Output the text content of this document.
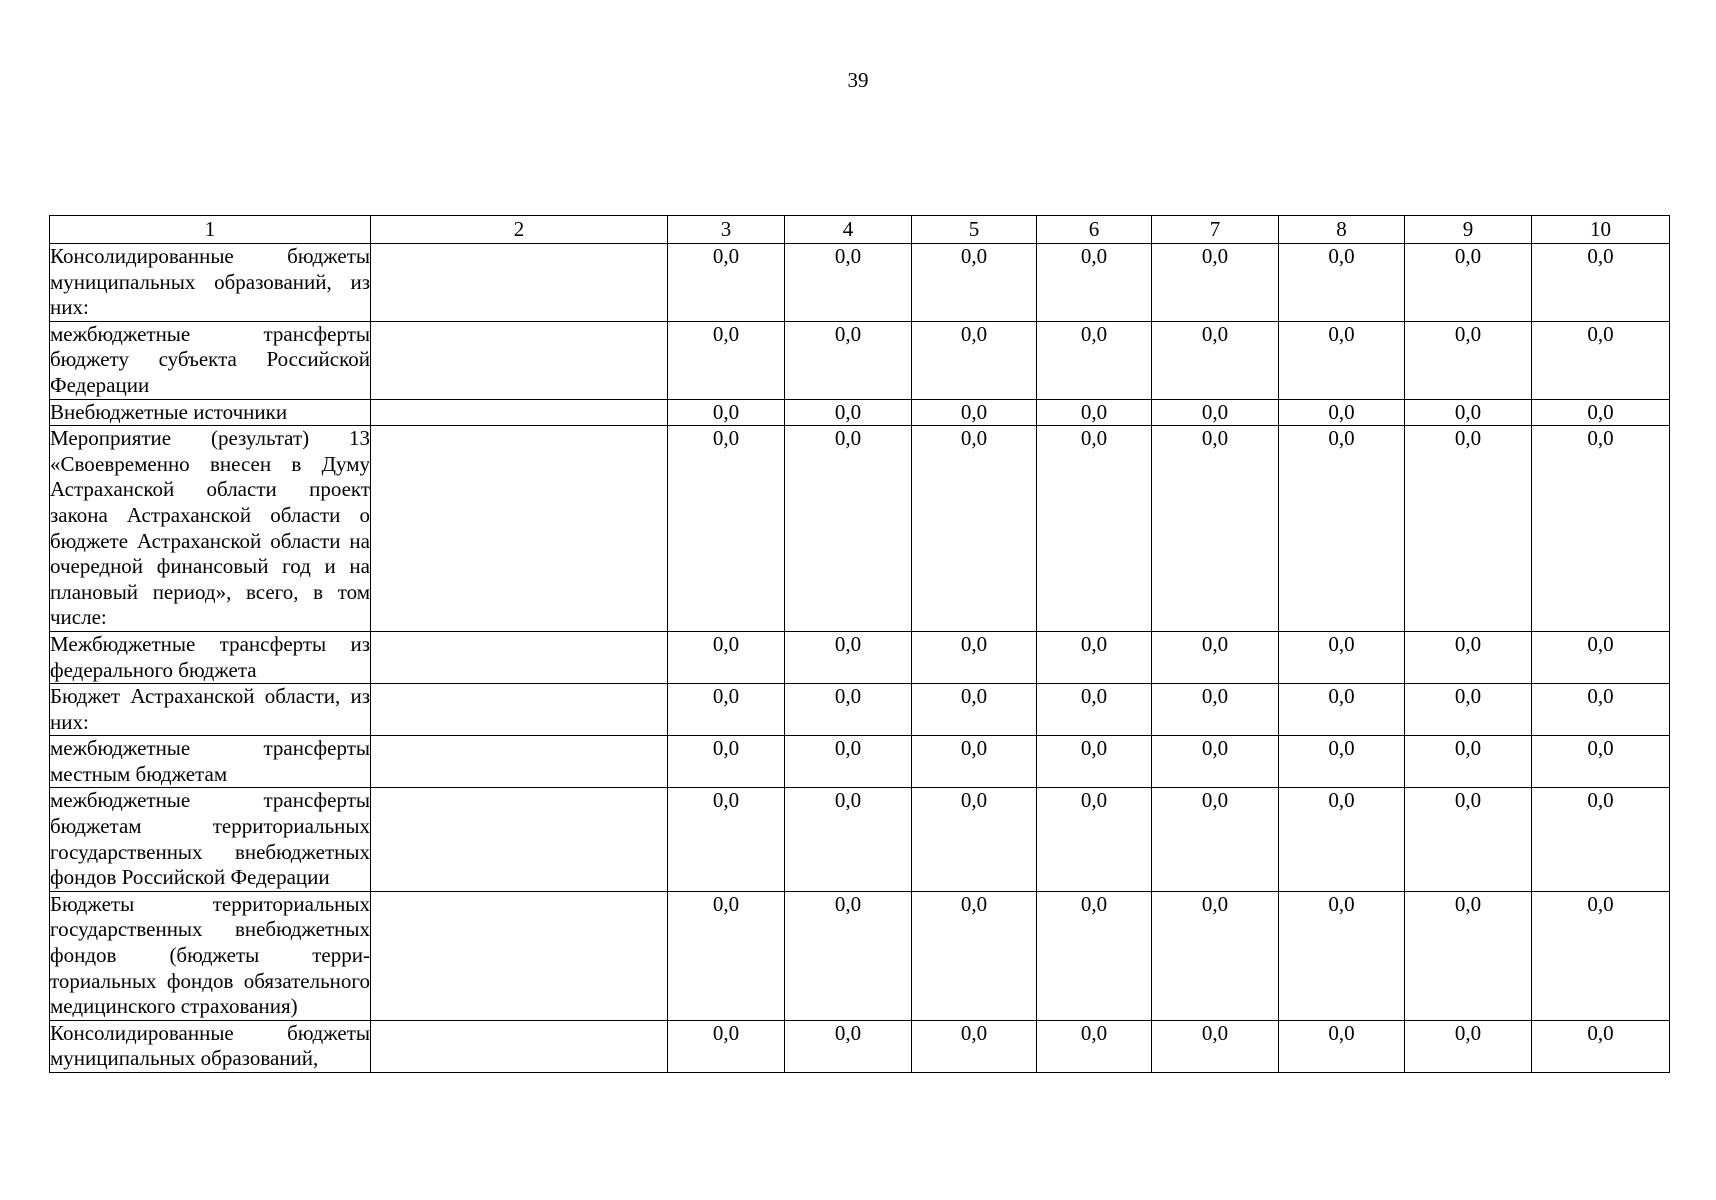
39
1	2	3	4	5	6	7	8	9	10
Консолидированные бюджеты муниципальных образований, из них:		0,0	0,0	0,0	0,0	0,0	0,0	0,0	0,0
межбюджетные трансферты бюджету субъекта Российской Федерации		0,0	0,0	0,0	0,0	0,0	0,0	0,0	0,0
Внебюджетные источники		0,0	0,0	0,0	0,0	0,0	0,0	0,0	0,0
Мероприятие (результат) 13 «Своевременно внесен в Думу Астраханской области проект закона Астраханской области о бюджете Астраханской области на очередной финансовый год и на плановый период», всего, в том числе:		0,0	0,0	0,0	0,0	0,0	0,0	0,0	0,0
Межбюджетные трансферты из федерального бюджета		0,0	0,0	0,0	0,0	0,0	0,0	0,0	0,0
Бюджет Астраханской области, из них:		0,0	0,0	0,0	0,0	0,0	0,0	0,0	0,0
межбюджетные трансферты местным бюджетам		0,0	0,0	0,0	0,0	0,0	0,0	0,0	0,0
межбюджетные трансферты бюджетам территориальных государственных внебюджетных фондов Российской Федерации		0,0	0,0	0,0	0,0	0,0	0,0	0,0	0,0
Бюджеты территориальных государственных внебюджетных фондов (бюджеты территориальных фондов обязательного медицинского страхования)		0,0	0,0	0,0	0,0	0,0	0,0	0,0	0,0
Консолидированные бюджеты муниципальных образований,		0,0	0,0	0,0	0,0	0,0	0,0	0,0	0,0
